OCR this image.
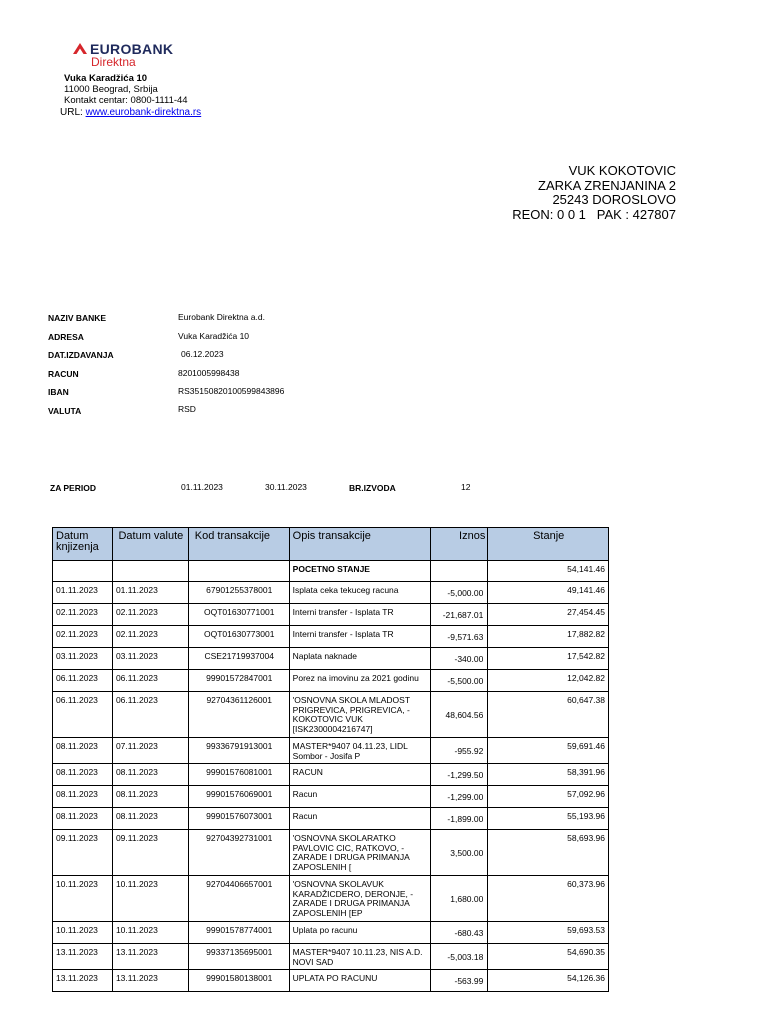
EUROBANK
Direktna
Vuka Karadžića 10
11000 Beograd, Srbija
Kontakt centar: 0800-1111-44
URL: www.eurobank-direktna.rs
VUK KOKOTOVIC
ZARKA ZRENJANINA 2
25243 DOROSLOVO
REON: 0 0 1   PAK : 427807
NAZIV BANKE	Eurobank Direktna a.d.
ADRESA	Vuka Karadžića 10
DAT.IZDAVANJA	06.12.2023
RACUN	8201005998438
IBAN	RS35150820100599843896
VALUTA	RSD
ZA PERIOD	01.11.2023	30.11.2023	BR.IZVODA	12
Datum knjizenja	Datum valute	Kod transakcije	Opis transakcije	Iznos	Stanje

			POCETNO STANJE		54,141.46

01.11.2023	01.11.2023	67901255378001	Isplata ceka tekuceg racuna	-5,000.00	49,141.46

02.11.2023	02.11.2023	OQT01630771001	Interni transfer - Isplata TR	-21,687.01	27,454.45

02.11.2023	02.11.2023	OQT01630773001	Interni transfer - Isplata TR	-9,571.63	17,882.82

03.11.2023	03.11.2023	CSE21719937004	Naplata naknade	-340.00	17,542.82

06.11.2023	06.11.2023	99901572847001	Porez na imovinu za 2021 godinu	-5,500.00	12,042.82

06.11.2023	06.11.2023	92704361126001	'OSNOVNA SKOLA MLADOST PRIGREVICA, PRIGREVICA, - KOKOTOVIC VUK [ISK2300004216747]	48,604.56	60,647.38

08.11.2023	07.11.2023	99336791913001	MASTER*9407 04.11.23, LIDL Sombor - Josifa P	-955.92	59,691.46

08.11.2023	08.11.2023	99901576081001	RACUN	-1,299.50	58,391.96

08.11.2023	08.11.2023	99901576069001	Racun	-1,299.00	57,092.96

08.11.2023	08.11.2023	99901576073001	Racun	-1,899.00	55,193.96

09.11.2023	09.11.2023	92704392731001	'OSNOVNA SKOLARATKO PAVLOVIC CIC, RATKOVO, - ZARADE I DRUGA PRIMANJA ZAPOSLENIH [	3,500.00	58,693.96

10.11.2023	10.11.2023	92704406657001	'OSNOVNA SKOLAVUK KARADŽICDERO, DERONJE, - ZARADE I DRUGA PRIMANJA ZAPOSLENIH [EP	1,680.00	60,373.96

10.11.2023	10.11.2023	99901578774001	Uplata po racunu	-680.43	59,693.53

13.11.2023	13.11.2023	99337135695001	MASTER*9407 10.11.23, NIS A.D. NOVI SAD	-5,003.18	54,690.35

13.11.2023	13.11.2023	99901580138001	UPLATA PO RACUNU	-563.99	54,126.36
